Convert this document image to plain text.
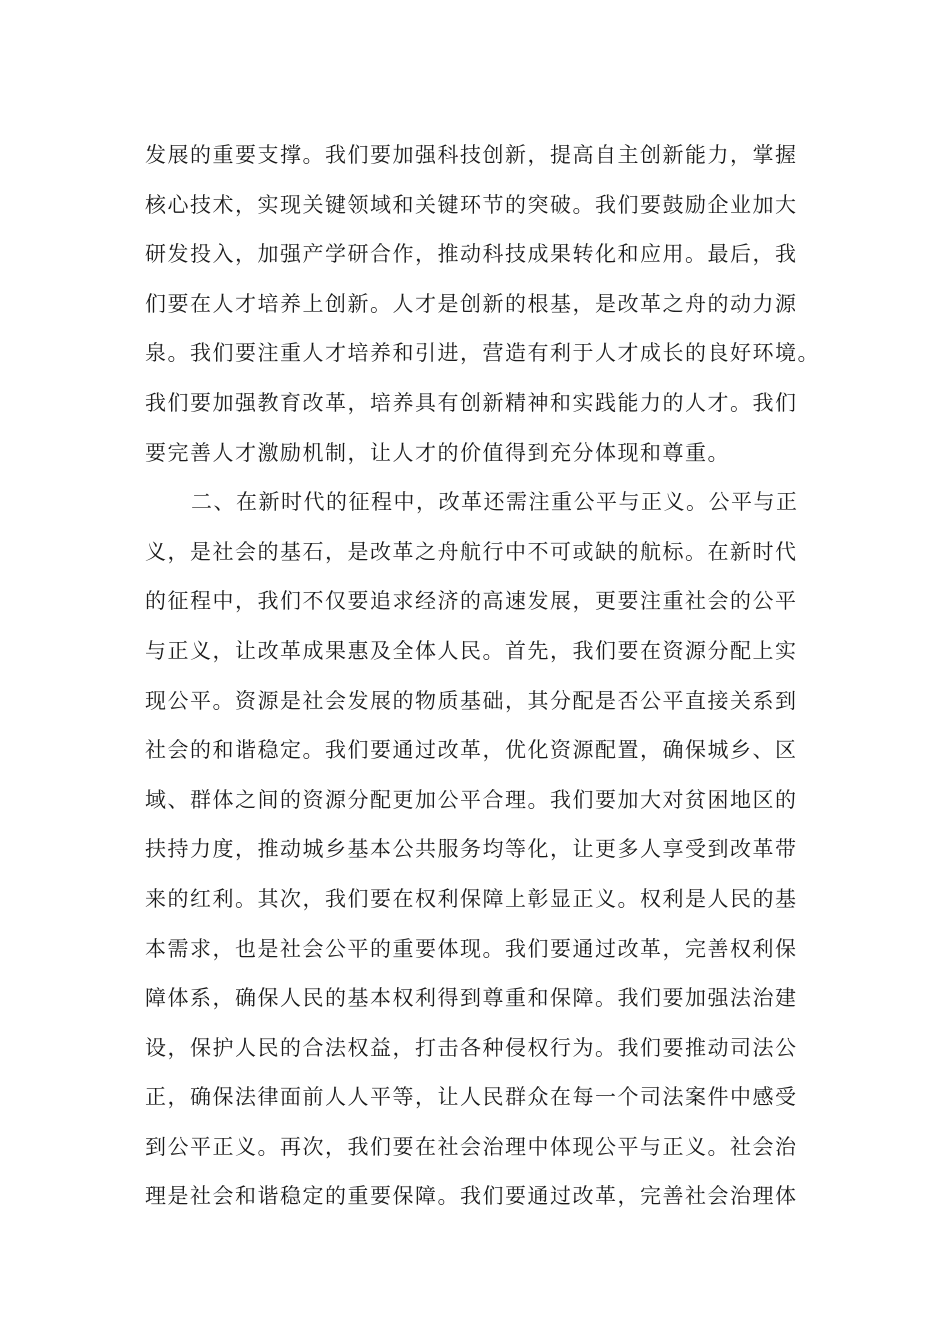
发展的重要支撑。我们要加强科技创新，提高自主创新能力，掌握
核心技术，实现关键领域和关键环节的突破。我们要鼓励企业加大
研发投入，加强产学研合作，推动科技成果转化和应用。最后，我
们要在人才培养上创新。人才是创新的根基，是改革之舟的动力源
泉。我们要注重人才培养和引进，营造有利于人才成长的良好环境。
我们要加强教育改革，培养具有创新精神和实践能力的人才。我们
要完善人才激励机制，让人才的价值得到充分体现和尊重。
二、在新时代的征程中，改革还需注重公平与正义。公平与正
义，是社会的基石，是改革之舟航行中不可或缺的航标。在新时代
的征程中，我们不仅要追求经济的高速发展，更要注重社会的公平
与正义，让改革成果惠及全体人民。首先，我们要在资源分配上实
现公平。资源是社会发展的物质基础，其分配是否公平直接关系到
社会的和谐稳定。我们要通过改革，优化资源配置，确保城乡、区
域、群体之间的资源分配更加公平合理。我们要加大对贫困地区的
扶持力度，推动城乡基本公共服务均等化，让更多人享受到改革带
来的红利。其次，我们要在权利保障上彰显正义。权利是人民的基
本需求，也是社会公平的重要体现。我们要通过改革，完善权利保
障体系，确保人民的基本权利得到尊重和保障。我们要加强法治建
设，保护人民的合法权益，打击各种侵权行为。我们要推动司法公
正，确保法律面前人人平等，让人民群众在每一个司法案件中感受
到公平正义。再次，我们要在社会治理中体现公平与正义。社会治
理是社会和谐稳定的重要保障。我们要通过改革，完善社会治理体
